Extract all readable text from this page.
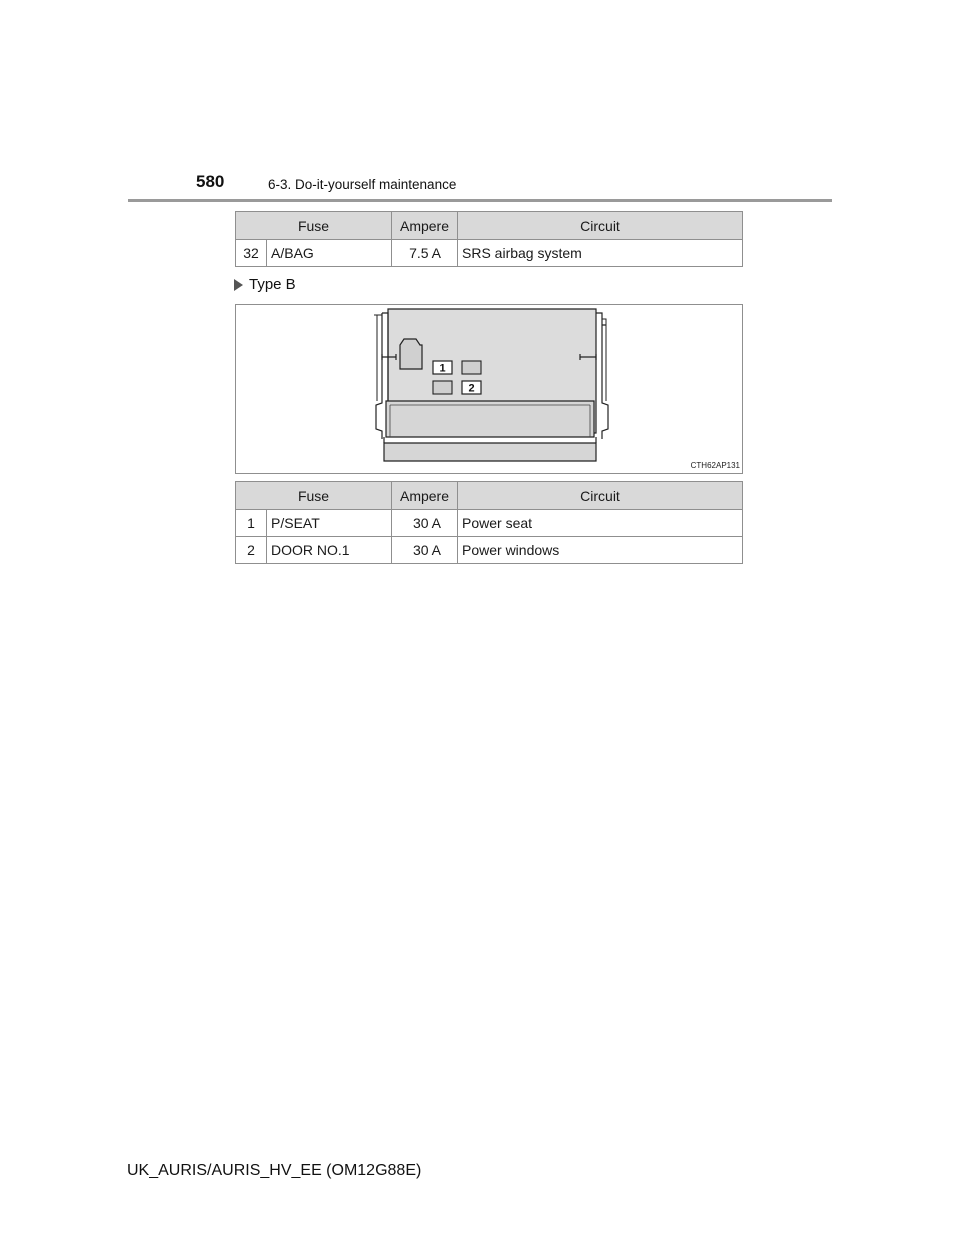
580	6-3. Do-it-yourself maintenance
Fuse		Ampere	Circuit
32	A/BAG	7.5 A	SRS airbag system
Type B
1
2
CTH62AP131
Fuse		Ampere	Circuit
1	P/SEAT	30 A	Power seat
2	DOOR NO.1	30 A	Power windows
UK_AURIS/AURIS_HV_EE (OM12G88E)
